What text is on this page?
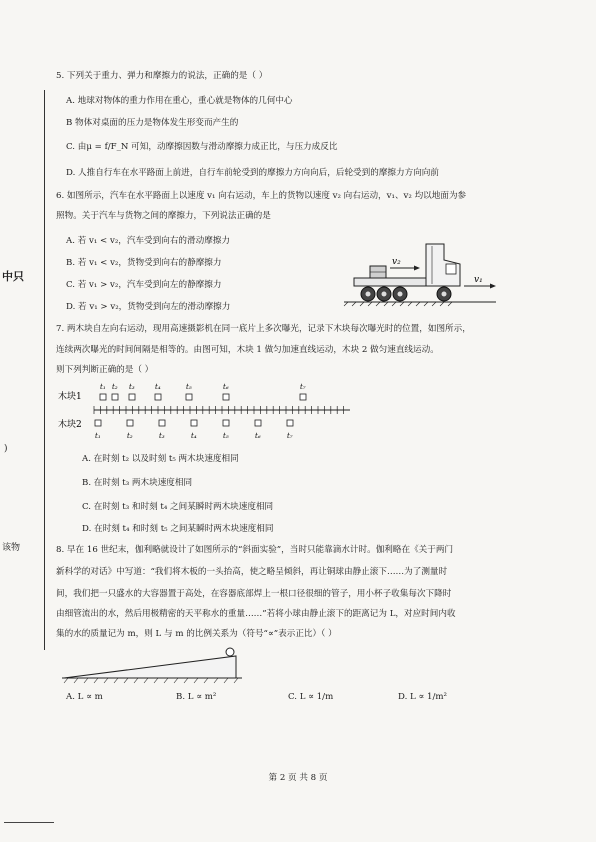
中只
)
该物
5. 下列关于重力、弹力和摩擦力的说法，正确的是（ ）
A. 地球对物体的重力作用在重心，重心就是物体的几何中心
B 物体对桌面的压力是物体发生形变而产生的
C. 由μ = f/F_N 可知，动摩擦因数与滑动摩擦力成正比，与压力成反比
D. 人推自行车在水平路面上前进，自行车前轮受到的摩擦力方向向后，后轮受到的摩擦力方向向前
6. 如图所示，汽车在水平路面上以速度 v₁ 向右运动，车上的货物以速度 v₂ 向右运动，v₁、v₂ 均以地面为参
照物。关于汽车与货物之间的摩擦力，下列说法正确的是
A. 若 v₁ < v₂，汽车受到向右的滑动摩擦力
B. 若 v₁ < v₂，货物受到向右的静摩擦力
C. 若 v₁ > v₂，汽车受到向左的静摩擦力
D. 若 v₁ > v₂，货物受到向左的滑动摩擦力
v₂
v₁
7. 两木块自左向右运动，现用高速摄影机在同一底片上多次曝光，记录下木块每次曝光时的位置，如图所示，
连续两次曝光的时间间隔是相等的。由图可知，木块 1 做匀加速直线运动，木块 2 做匀速直线运动。
则下列判断正确的是（ ）
木块1
木块2
t₁ t₂ t₃	t₄	t₅	t₆	t₇
t₁	t₂	t₃	t₄	t₅	t₆	t₇
A. 在时刻 t₂ 以及时刻 t₅ 两木块速度相同
B. 在时刻 t₃ 两木块速度相同
C. 在时刻 t₃ 和时刻 t₄ 之间某瞬时两木块速度相同
D. 在时刻 t₄ 和时刻 t₅ 之间某瞬时两木块速度相同
8. 早在 16 世纪末，伽利略就设计了如图所示的“斜面实验”，当时只能靠滴水计时。伽利略在《关于两门
新科学的对话》中写道：“我们将木板的一头抬高，使之略呈倾斜，再让铜球由静止滚下……为了测量时
间，我们把一只盛水的大容器置于高处，在容器底部焊上一根口径很细的管子，用小杯子收集每次下降时
由细管流出的水，然后用极精密的天平称水的重量……”若将小球由静止滚下的距离记为 L，对应时间内收
集的水的质量记为 m，则 L 与 m 的比例关系为（符号“∝”表示正比）（ ）
A. L ∝ m	B. L ∝ m²	C. L ∝ 1/m	D. L ∝ 1/m²
第 2 页 共 8 页
